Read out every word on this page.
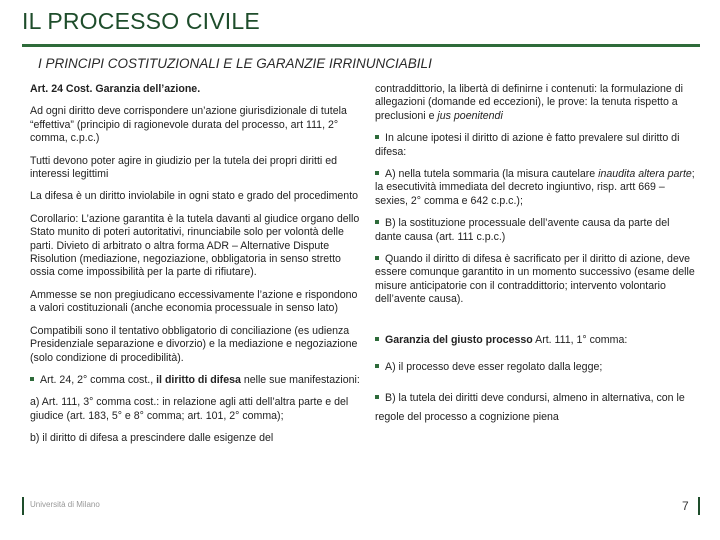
IL PROCESSO CIVILE
I PRINCIPI COSTITUZIONALI E LE GARANZIE IRRINUNCIABILI

Art. 24 Cost. Garanzia dell’azione.

Ad ogni diritto deve corrispondere un’azione giurisdizionale di tutela “effettiva” (principio di ragionevole durata del processo, art 111, 2° comma, c.p.c.)

Tutti devono poter agire in giudizio per la tutela dei propri diritti ed interessi legittimi

La difesa è un diritto inviolabile in ogni stato e grado del procedimento

Corollario: L’azione garantita è la tutela davanti al giudice organo dello Stato munito di poteri autoritativi, rinunciabile solo per volontà delle parti. Divieto di arbitrato o altra forma ADR – Alternative Dispute Risolution (mediazione, negoziazione, obbligatoria in senso stretto ossia come impossibilità per la parte di rifiutare).

Ammesse se non pregiudicano eccessivamente l’azione e rispondono a valori costituzionali (anche economia processuale in senso lato)

Compatibili sono il tentativo obbligatorio di conciliazione (es udienza Presidenziale separazione e divorzio) e la mediazione e negoziazione (solo condizione di procedibilità).

Art. 24, 2° comma cost., il diritto di difesa nelle sue manifestazioni:

a) Art. 111, 3° comma cost.: in relazione agli atti dell’altra parte e del giudice (art. 183, 5° e 8° comma; art. 101, 2° comma);

b) il diritto di difesa a prescindere dalle esigenze del

contraddittorio, la libertà di definirne i contenuti: la formulazione di allegazioni (domande ed eccezioni), le prove: la tenuta rispetto a preclusioni e jus poenitendi

In alcune ipotesi il diritto di azione è fatto prevalere sul diritto di difesa:

A) nella tutela sommaria (la misura cautelare inaudita altera parte; la esecutività immediata del decreto ingiuntivo, risp. artt 669 – sexies, 2° comma e 642 c.p.c.);

B) la sostituzione processuale dell’avente causa da parte del dante causa (art. 111 c.p.c.)

Quando il diritto di difesa è sacrificato per il diritto di azione, deve essere comunque garantito in un momento successivo (esame delle misure anticipatorie con il contraddittorio; intervento volontario dell’avente causa).

Garanzia del giusto processo Art. 111, 1° comma:

A) il processo deve esser regolato dalla legge;

B) la tutela dei diritti deve condursi, almeno in alternativa, con le regole del processo a cognizione piena

Università di Milano	7
